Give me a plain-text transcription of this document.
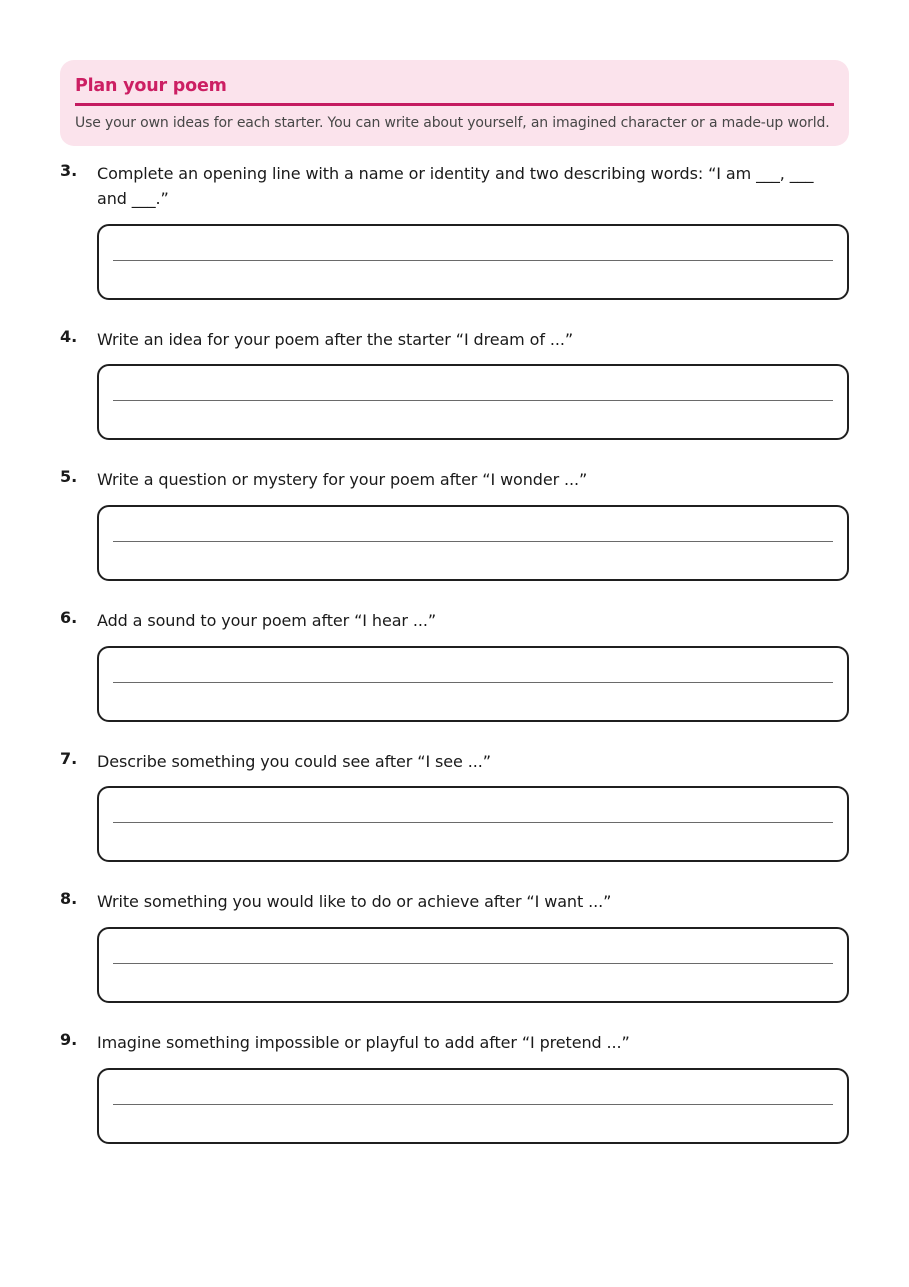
Plan your poem
Use your own ideas for each starter. You can write about yourself, an imagined character or a made-up world.
3. Complete an opening line with a name or identity and two describing words: “I am ___, ___ and ___.”
4. Write an idea for your poem after the starter “I dream of ...”
5. Write a question or mystery for your poem after “I wonder ...”
6. Add a sound to your poem after “I hear ...”
7. Describe something you could see after “I see ...”
8. Write something you would like to do or achieve after “I want ...”
9. Imagine something impossible or playful to add after “I pretend ...”
